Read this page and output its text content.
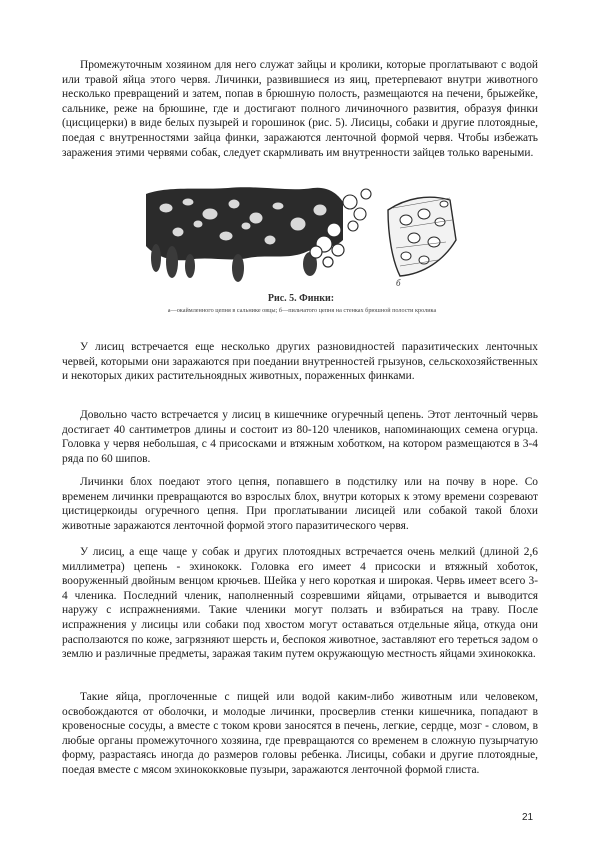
Промежуточным хозяином для него служат зайцы и кролики, которые проглатывают с водой или травой яйца этого червя. Личинки, развившиеся из яиц, претерпевают внутри животного несколько превращений и затем, попав в брюшную полость, размещаются на печени, брыжейке, сальнике, реже на брюшине, где и достигают полного личиночного развития, образуя финки (цисцицерки) в виде белых пузырей и горошинок (рис. 5). Лисицы, собаки и другие плотоядные, поедая с внутренностями зайца финки, заражаются ленточной формой червя. Чтобы избежать заражения этими червями собак, следует скармливать им внутренности зайцев только вареными.

б
Рис. 5. Финки:
а—окаймленного цепня в сальнике овцы; б—пильчатого цепня на стенках брюшной полости кролика

У лисиц встречается еще несколько других разновидностей паразитических ленточных червей, которыми они заражаются при поедании внутренностей грызунов, сельскохозяйственных и некоторых диких растительноядных животных, пораженных финками.

Довольно часто встречается у лисиц в кишечнике огуречный цепень. Этот ленточный червь достигает 40 сантиметров длины и состоит из 80-120 члеников, напоминающих семена огурца. Головка у червя небольшая, с 4 присосками и втяжным хоботком, на котором размещаются в 3-4 ряда по 60 шипов.

Личинки блох поедают этого цепня, попавшего в подстилку или на почву в норе. Со временем личинки превращаются во взрослых блох, внутри которых к этому времени созревают цистицеркоиды огуречного цепня. При проглатывании лисицей или собакой такой блохи животные заражаются ленточной формой этого паразитического червя.

У лисиц, а еще чаще у собак и других плотоядных встречается очень мелкий (длиной 2,6 миллиметра) цепень - эхинококк. Головка его имеет 4 присоски и втяжный хоботок, вооруженный двойным венцом крючьев. Шейка у него короткая и широкая. Червь имеет всего 3-4 членика. Последний членик, наполненный созревшими яйцами, отрывается и выводится наружу с испражнениями. Такие членики могут ползать и взбираться на траву. После испражнения у лисицы или собаки под хвостом могут оставаться отдельные яйца, откуда они расползаются по коже, загрязняют шерсть и, беспокоя животное, заставляют его тереться задом о землю и различные предметы, заражая таким путем окружающую местность яйцами эхинококка.

Такие яйца, проглоченные с пищей или водой каким-либо животным или человеком, освобождаются от оболочки, и молодые личинки, просверлив стенки кишечника, попадают в кровеносные сосуды, а вместе с током крови заносятся в печень, легкие, сердце, мозг - словом, в любые органы промежуточного хозяина, где превращаются со временем в сложную пузырчатую форму, разрастаясь иногда до размеров головы ребенка. Лисицы, собаки и другие плотоядные, поедая вместе с мясом эхинококковые пузыри, заражаются ленточной формой глиста.

21
